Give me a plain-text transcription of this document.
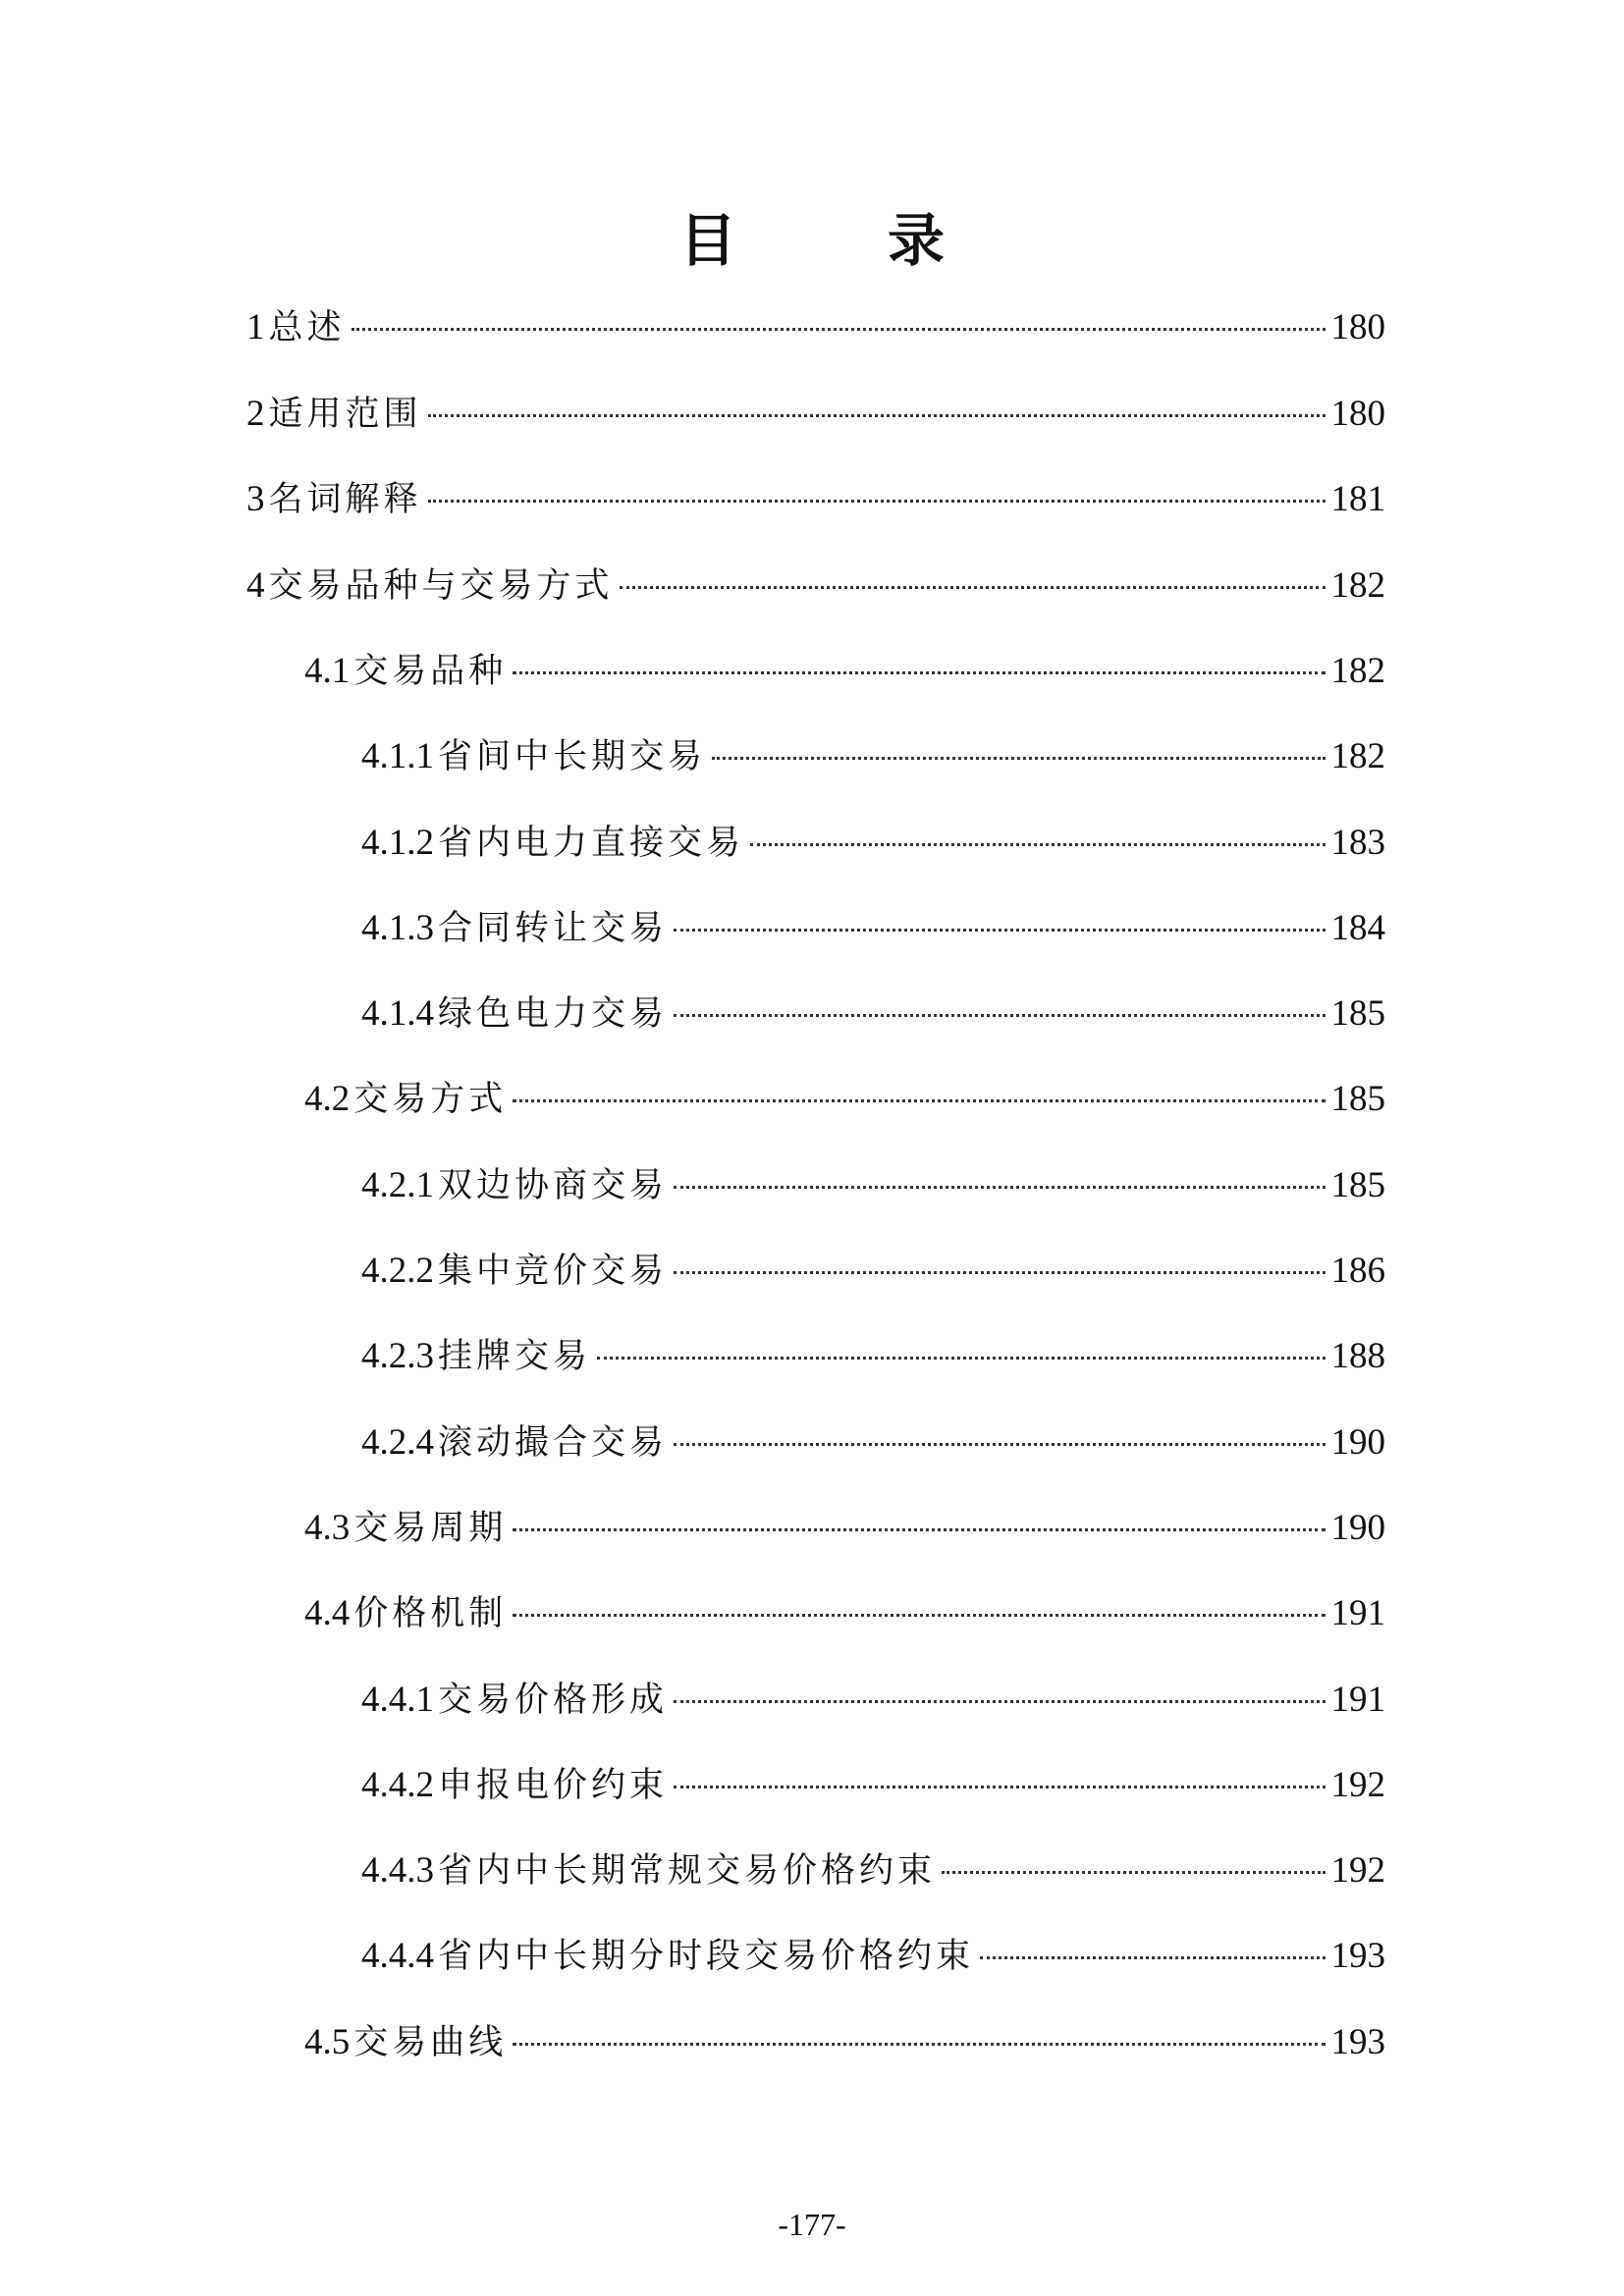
目　录
1 总述	180
2 适用范围	180
3 名词解释	181
4 交易品种与交易方式	182
4.1 交易品种	182
4.1.1 省间中长期交易	182
4.1.2 省内电力直接交易	183
4.1.3 合同转让交易	184
4.1.4 绿色电力交易	185
4.2 交易方式	185
4.2.1 双边协商交易	185
4.2.2 集中竞价交易	186
4.2.3 挂牌交易	188
4.2.4 滚动撮合交易	190
4.3 交易周期	190
4.4 价格机制	191
4.4.1 交易价格形成	191
4.4.2 申报电价约束	192
4.4.3 省内中长期常规交易价格约束	192
4.4.4 省内中长期分时段交易价格约束	193
4.5 交易曲线	193
-177-
